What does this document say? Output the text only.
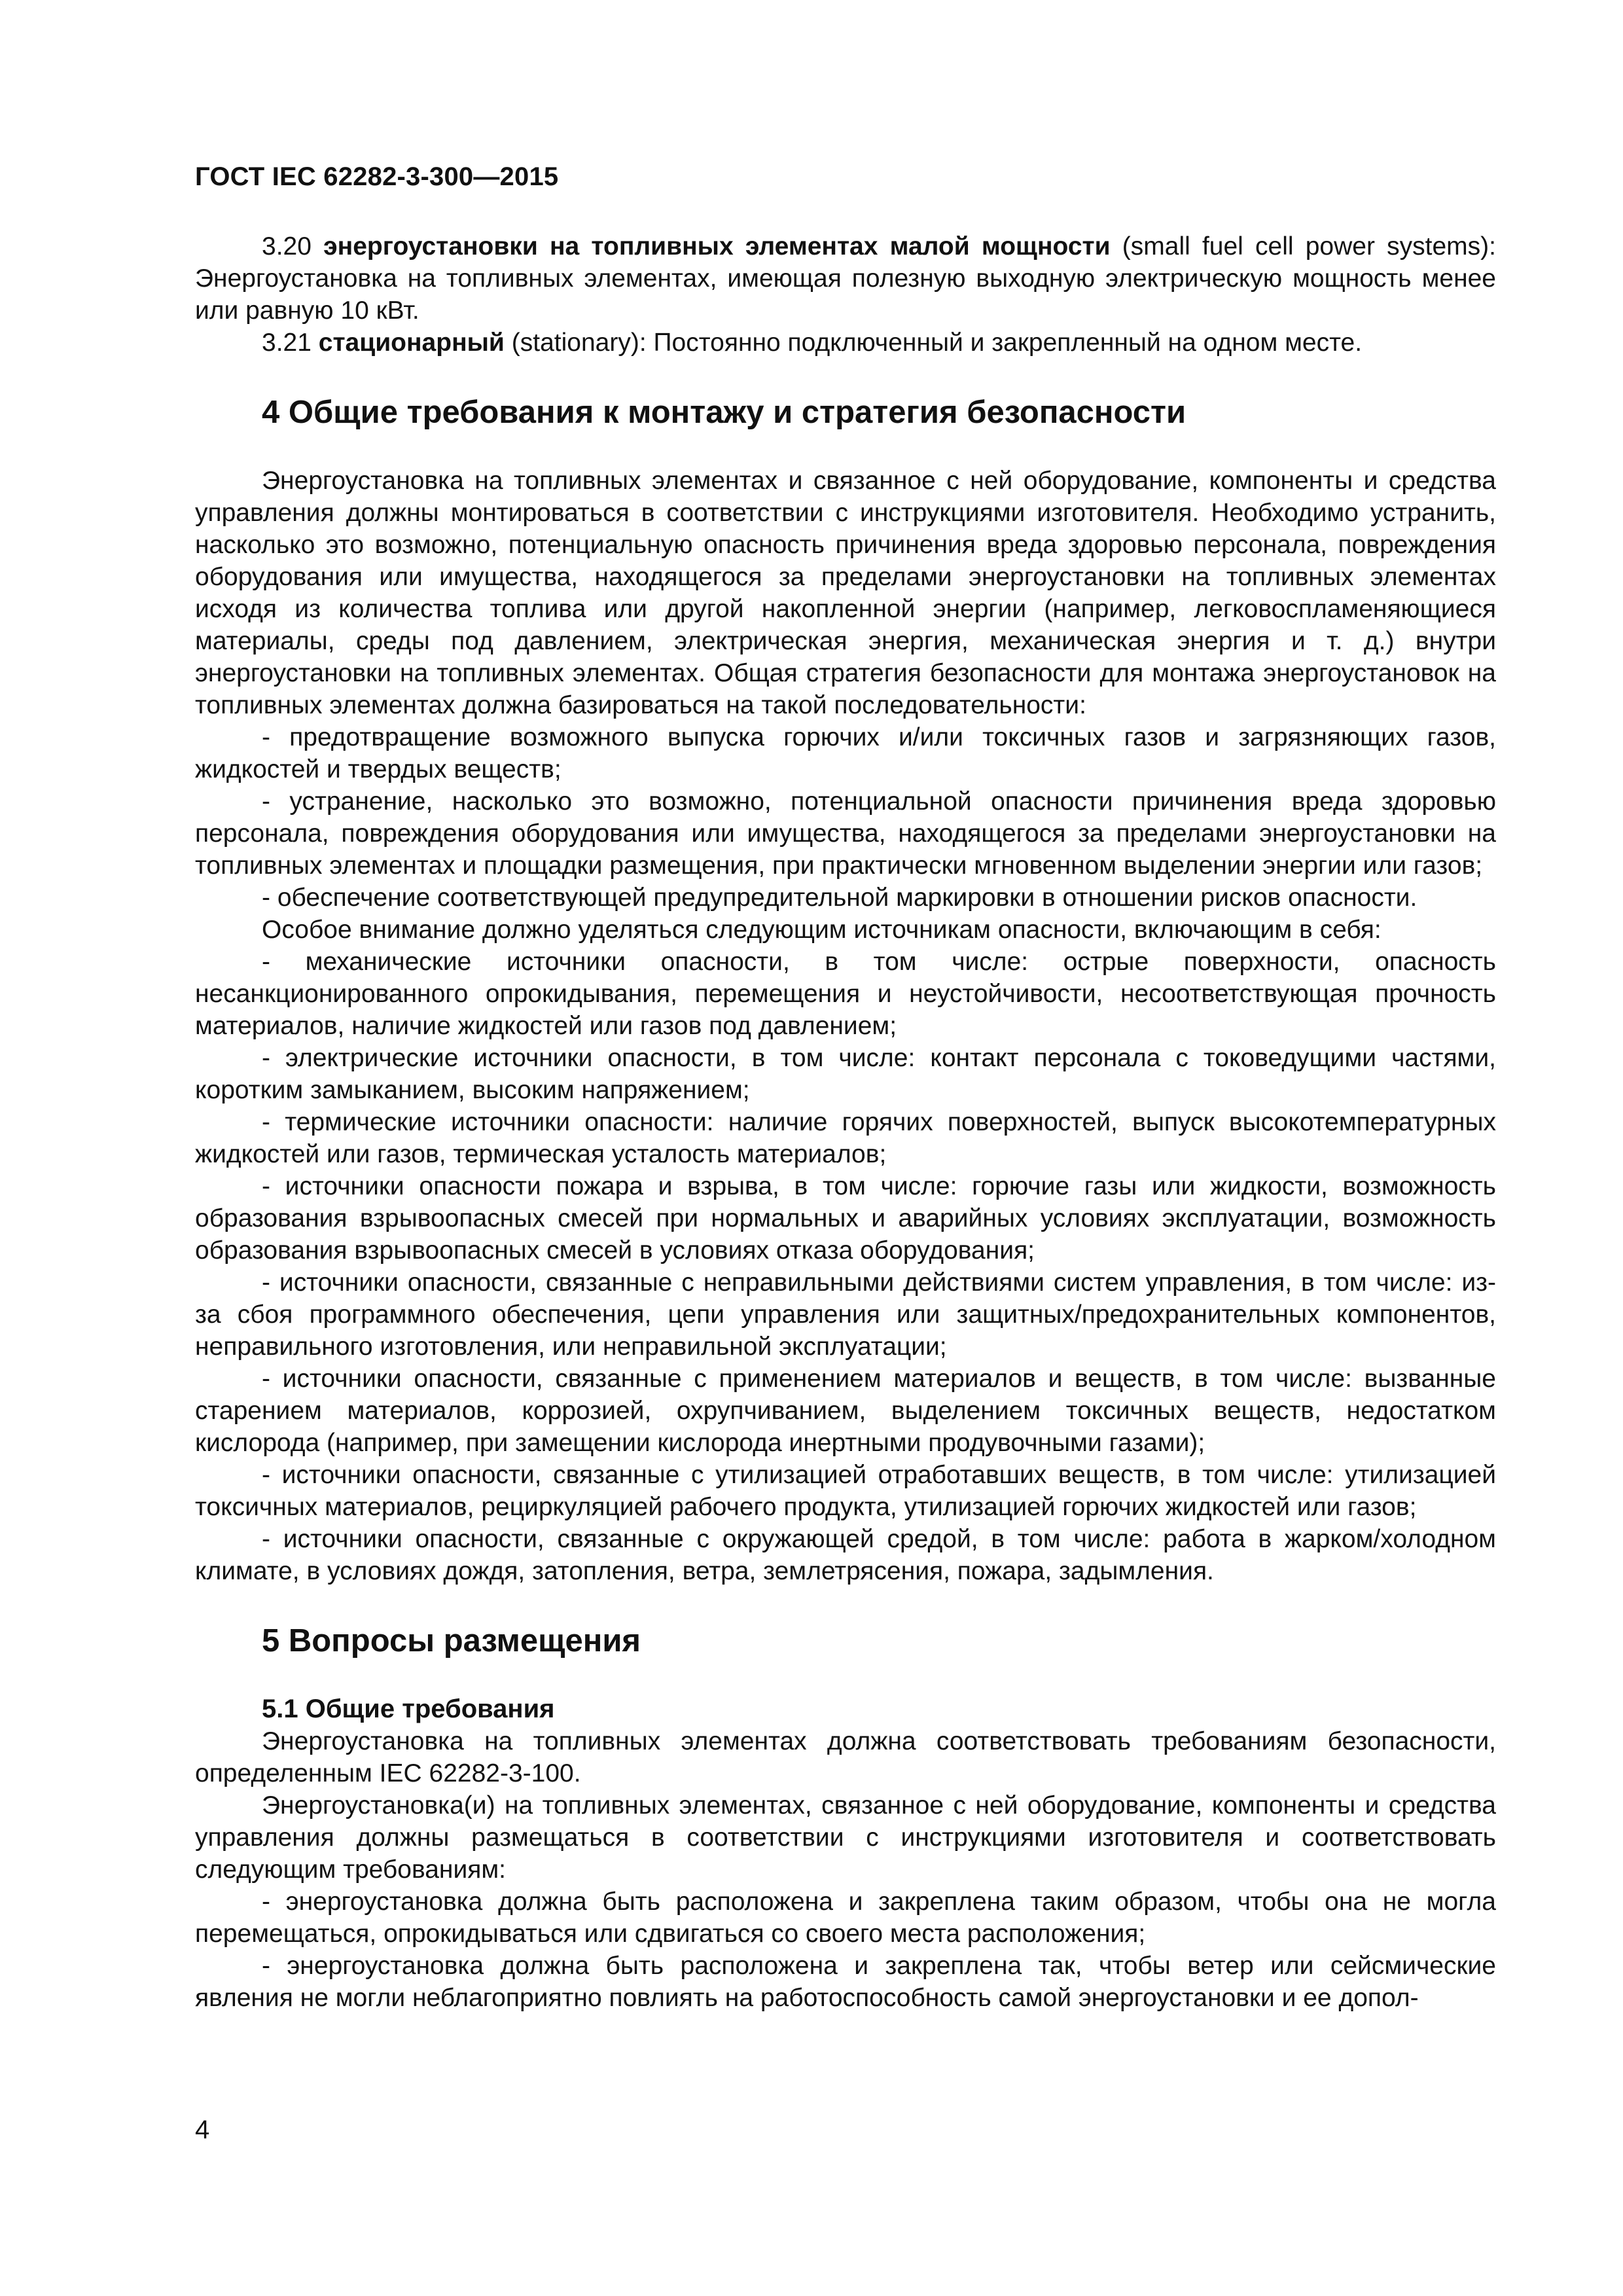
ГОСТ IEC 62282-3-300—2015

3.20 энергоустановки на топливных элементах малой мощности (small fuel cell power systems): Энергоустановка на топливных элементах, имеющая полезную выходную электрическую мощность менее или равную 10 кВт.

3.21 стационарный (stationary): Постоянно подключенный и закрепленный на одном месте.

4 Общие требования к монтажу и стратегия безопасности

Энергоустановка на топливных элементах и связанное с ней оборудование, компоненты и средства управления должны монтироваться в соответствии с инструкциями изготовителя. Необходимо устранить, насколько это возможно, потенциальную опасность причинения вреда здоровью персонала, повреждения оборудования или имущества, находящегося за пределами энергоустановки на топливных элементах исходя из количества топлива или другой накопленной энергии (например, легковоспламеняющиеся материалы, среды под давлением, электрическая энергия, механическая энергия и т. д.) внутри энергоустановки на топливных элементах. Общая стратегия безопасности для монтажа энергоустановок на топливных элементах должна базироваться на такой последовательности:

- предотвращение возможного выпуска горючих и/или токсичных газов и загрязняющих газов, жидкостей и твердых веществ;

- устранение, насколько это возможно, потенциальной опасности причинения вреда здоровью персонала, повреждения оборудования или имущества, находящегося за пределами энергоустановки на топливных элементах и площадки размещения, при практически мгновенном выделении энергии или газов;

- обеспечение соответствующей предупредительной маркировки в отношении рисков опасности.

Особое внимание должно уделяться следующим источникам опасности, включающим в себя:

- механические источники опасности, в том числе: острые поверхности, опасность несанкционированного опрокидывания, перемещения и неустойчивости, несоответствующая прочность материалов, наличие жидкостей или газов под давлением;

- электрические источники опасности, в том числе: контакт персонала с токоведущими частями, коротким замыканием, высоким напряжением;

- термические источники опасности: наличие горячих поверхностей, выпуск высокотемпературных жидкостей или газов, термическая усталость материалов;

- источники опасности пожара и взрыва, в том числе: горючие газы или жидкости, возможность образования взрывоопасных смесей при нормальных и аварийных условиях эксплуатации, возможность образования взрывоопасных смесей в условиях отказа оборудования;

- источники опасности, связанные с неправильными действиями систем управления, в том числе: из-за сбоя программного обеспечения, цепи управления или защитных/предохранительных компонентов, неправильного изготовления, или неправильной эксплуатации;

- источники опасности, связанные с применением материалов и веществ, в том числе: вызванные старением материалов, коррозией, охрупчиванием, выделением токсичных веществ, недостатком кислорода (например, при замещении кислорода инертными продувочными газами);

- источники опасности, связанные с утилизацией отработавших веществ, в том числе: утилизацией токсичных материалов, рециркуляцией рабочего продукта, утилизацией горючих жидкостей или газов;

- источники опасности, связанные с окружающей средой, в том числе: работа в жарком/холодном климате, в условиях дождя, затопления, ветра, землетрясения, пожара, задымления.

5 Вопросы размещения
5.1 Общие требования

Энергоустановка на топливных элементах должна соответствовать требованиям безопасности, определенным IEC 62282-3-100.

Энергоустановка(и) на топливных элементах, связанное с ней оборудование, компоненты и средства управления должны размещаться в соответствии с инструкциями изготовителя и соответствовать следующим требованиям:

- энергоустановка должна быть расположена и закреплена таким образом, чтобы она не могла перемещаться, опрокидываться или сдвигаться со своего места расположения;

- энергоустановка должна быть расположена и закреплена так, чтобы ветер или сейсмические явления не могли неблагоприятно повлиять на работоспособность самой энергоустановки и ее допол-

4
